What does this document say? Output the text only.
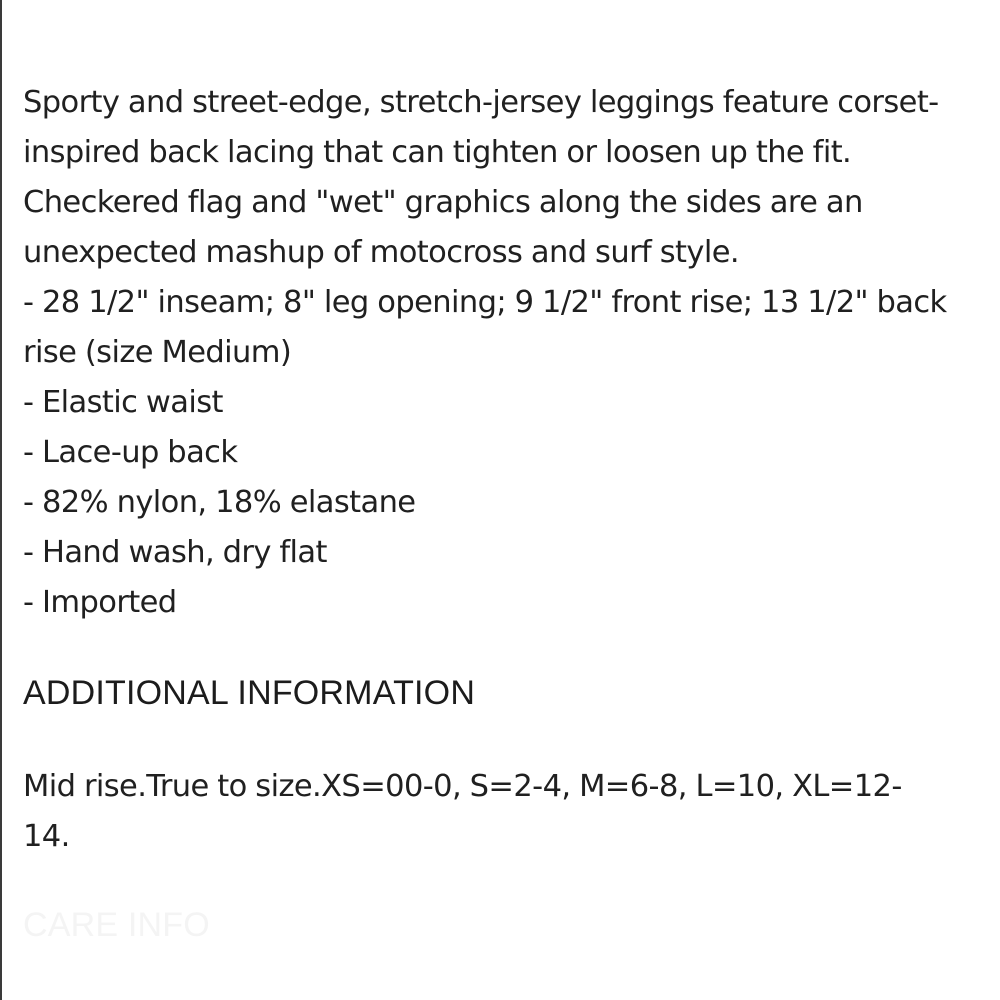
Sporty and street-edge, stretch-jersey leggings feature corset-inspired back lacing that can tighten or loosen up the fit. Checkered flag and "wet" graphics along the sides are an unexpected mashup of motocross and surf style.

- 28 1/2" inseam; 8" leg opening; 9 1/2" front rise; 13 1/2" back rise (size Medium)
- Elastic waist
- Lace-up back
- 82% nylon, 18% elastane
- Hand wash, dry flat
- Imported
ADDITIONAL INFORMATION

Mid rise.True to size.XS=00-0, S=2-4, M=6-8, L=10, XL=12-14.

CARE INFO
